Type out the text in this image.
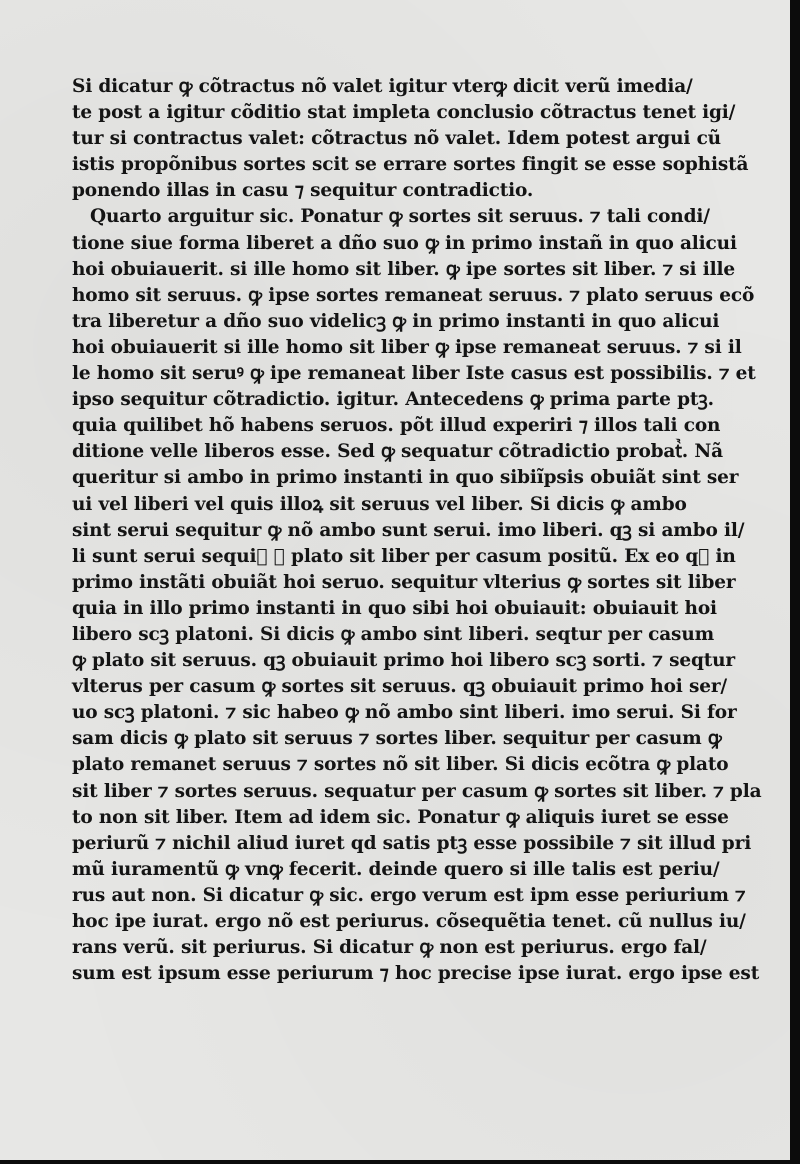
Si dicatur ꝙ cõtractus nõ valet igitur vterꝙ dicit verũ imedia/
te post a igitur cõditio stat impleta conclusio cõtractus tenet igi/
tur si contractus valet: cõtractus nõ valet. Idem potest argui cũ
istis propõnibus sortes scit se errare sortes fingit se esse sophistã
ponendo illas in casu ⁊ sequitur contradictio.
Quarto arguitur sic. Ponatur ꝙ sortes sit seruus. ⁊ tali condi/
tione siue forma liberet a dño suo ꝙ in primo instañ in quo alicui
hoi obuiauerit. si ille homo sit liber. ꝙ ipe sortes sit liber. ⁊ si ille
homo sit seruus. ꝙ ipse sortes remaneat seruus. ⁊ plato seruus ecõ
tra liberetur a dño suo videlicꝫ ꝙ in primo instanti in quo alicui
hoi obuiauerit si ille homo sit liber ꝙ ipse remaneat seruus. ⁊ si il
le homo sit seruꝰ ꝙ ipe remaneat liber Iste casus est possibilis. ⁊ et
ipso sequitur cõtradictio. igitur. Antecedens ꝙ prima parte ptꝫ.
quia quilibet hõ habens seruos. põt illud experiri ⁊ illos tali con
ditione velle liberos esse. Sed ꝙ sequatur cõtradictio probatᷣ. Nã
queritur si ambo in primo instanti in quo sibiĩpsis obuiãt sint ser
ui vel liberi vel quis illoꝝ sit seruus vel liber. Si dicis ꝙ ambo
sint serui sequitur ꝙ nõ ambo sunt serui. imo liberi. qꝫ si ambo il/
li sunt serui sequiᷣ ꝙ plato sit liber per casum positũ. Ex eo qꝫ in
primo instãti obuiãt hoi seruo. sequitur vlterius ꝙ sortes sit liber
quia in illo primo instanti in quo sibi hoi obuiauit: obuiauit hoi
libero scꝫ platoni. Si dicis ꝙ ambo sint liberi. seqtur per casum
ꝙ plato sit seruus. qꝫ obuiauit primo hoi libero scꝫ sorti. ⁊ seqtur
vlterus per casum ꝙ sortes sit seruus. qꝫ obuiauit primo hoi ser/
uo scꝫ platoni. ⁊ sic habeo ꝙ nõ ambo sint liberi. imo serui. Si for
sam dicis ꝙ plato sit seruus ⁊ sortes liber. sequitur per casum ꝙ
plato remanet seruus ⁊ sortes nõ sit liber. Si dicis ecõtra ꝙ plato
sit liber ⁊ sortes seruus. sequatur per casum ꝙ sortes sit liber. ⁊ pla
to non sit liber. Item ad idem sic. Ponatur ꝙ aliquis iuret se esse
periurũ ⁊ nichil aliud iuret qd satis ptꝫ esse possibile ⁊ sit illud pri
mũ iuramentũ ꝙ vnꝙ fecerit. deinde quero si ille talis est periu/
rus aut non. Si dicatur ꝙ sic. ergo verum est ipm esse periurium ⁊
hoc ipe iurat. ergo nõ est periurus. cõsequẽtia tenet. cũ nullus iu/
rans verũ. sit periurus. Si dicatur ꝙ non est periurus. ergo fal/
sum est ipsum esse periurum ⁊ hoc precise ipse iurat. ergo ipse est
